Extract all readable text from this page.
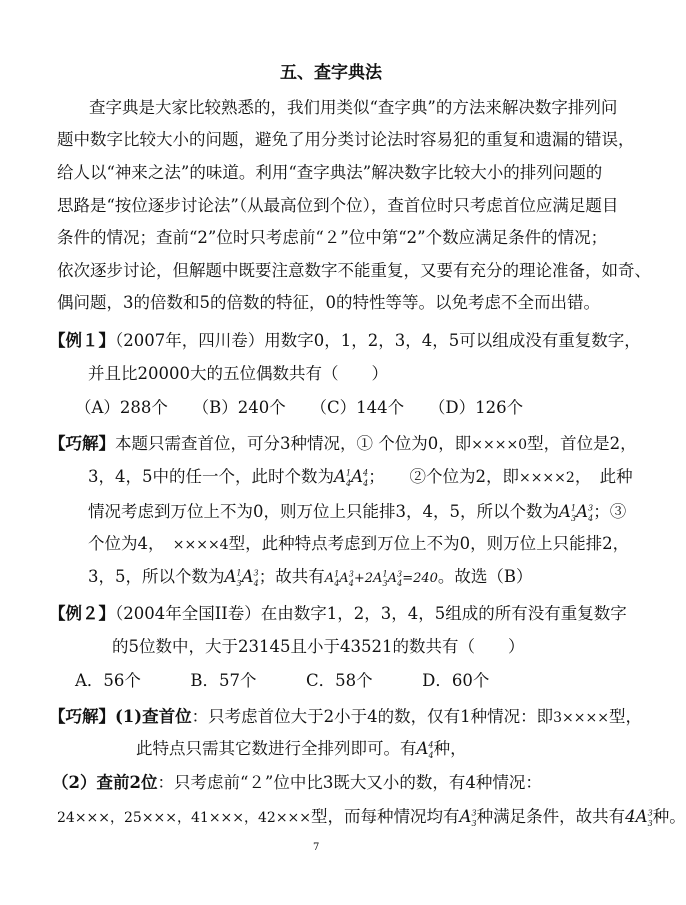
五、查字典法
查字典是大家比较熟悉的，我们用类似“查字典”的方法来解决数字排列问
题中数字比较大小的问题，避免了用分类讨论法时容易犯的重复和遗漏的错误，
给人以“神来之法”的味道。利用“查字典法”解决数字比较大小的排列问题的
思路是“按位逐步讨论法”（从最高位到个位），查首位时只考虑首位应满足题目
条件的情况；查前“2”位时只考虑前“２”位中第“2”个数应满足条件的情况；
依次逐步讨论，但解题中既要注意数字不能重复，又要有充分的理论准备，如奇、
偶问题，3的倍数和5的倍数的特征，0的特性等等。以免考虑不全而出错。
【例１】（2007年，四川卷）用数字0，1，2，3，4，5可以组成没有重复数字，
并且比20000大的五位偶数共有（　　）
（A）288个　　（B）240个　　（C）144个　　（D）126个
【巧解】本题只需查首位，可分3种情况，① 个位为0，即××××0型，首位是2，
3，4，5中的任一个，此时个数为$A^1_4A^4_4$；　　②个位为2，即××××2，　此种
情况考虑到万位上不为0，则万位上只能排3，4，5，所以个数为$A^1_3A^3_4$；③
个位为4，　××××4型，此种特点考虑到万位上不为0，则万位上只能排2，
3，5，所以个数为$A^1_3A^3_4$；故共有$A^1_4A^3_4+2A^1_3A^3_4=240$。故选（B）
【例２】（2004年全国II卷）在由数字1，2，3，4，5组成的所有没有重复数字
的5位数中，大于23145且小于43521的数共有（　　）
A．56个　　　B．57个　　　C．58个　　　D．60个
【巧解】(1)查首位：只考虑首位大于2小于4的数，仅有1种情况：即3××××型，
此特点只需其它数进行全排列即可。有$A^4_4$种，
（2）查前2位：只考虑前“２”位中比3既大又小的数，有4种情况：
24×××，25×××，41×××，42×××型，而每种情况均有$A^3_3$种满足条件，故共有$4A^3_3$种。
7
